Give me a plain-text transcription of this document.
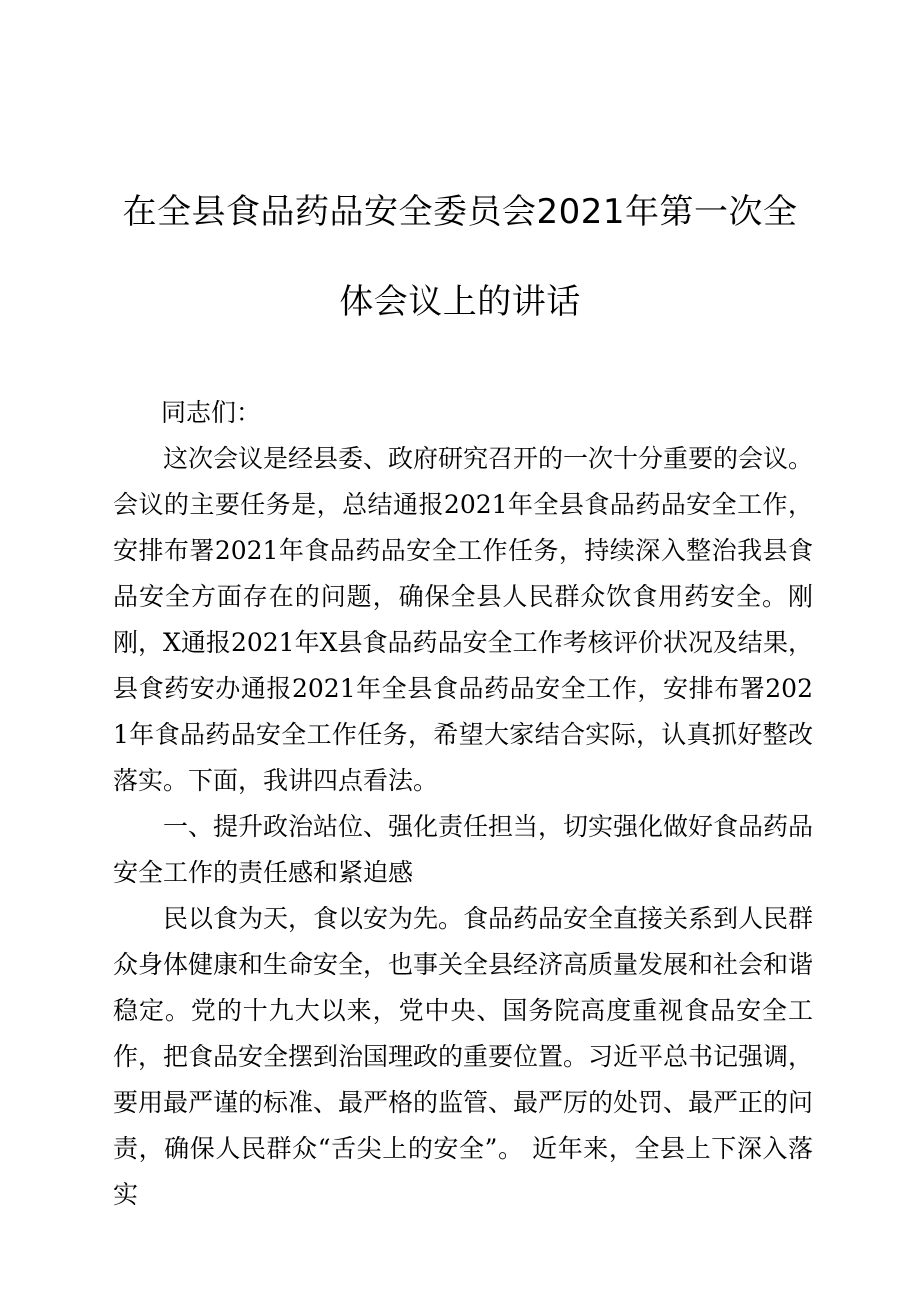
在全县食品药品安全委员会2021年第一次全
体会议上的讲话
同志们：

这次会议是经县委、政府研究召开的一次十分重要的会议。会议的主要任务是，总结通报2021年全县食品药品安全工作，安排布署2021年食品药品安全工作任务，持续深入整治我县食品安全方面存在的问题，确保全县人民群众饮食用药安全。刚刚，X通报2021年X县食品药品安全工作考核评价状况及结果，县食药安办通报2021年全县食品药品安全工作，安排布署2021年食品药品安全工作任务，希望大家结合实际，认真抓好整改落实。下面，我讲四点看法。

一、提升政治站位、强化责任担当，切实强化做好食品药品安全工作的责任感和紧迫感

民以食为天，食以安为先。食品药品安全直接关系到人民群众身体健康和生命安全，也事关全县经济高质量发展和社会和谐稳定。党的十九大以来，党中央、国务院高度重视食品安全工作，把食品安全摆到治国理政的重要位置。习近平总书记强调，要用最严谨的标准、最严格的监管、最严厉的处罚、最严正的问责，确保人民群众“舌尖上的安全”。 近年来，全县上下深入落实
